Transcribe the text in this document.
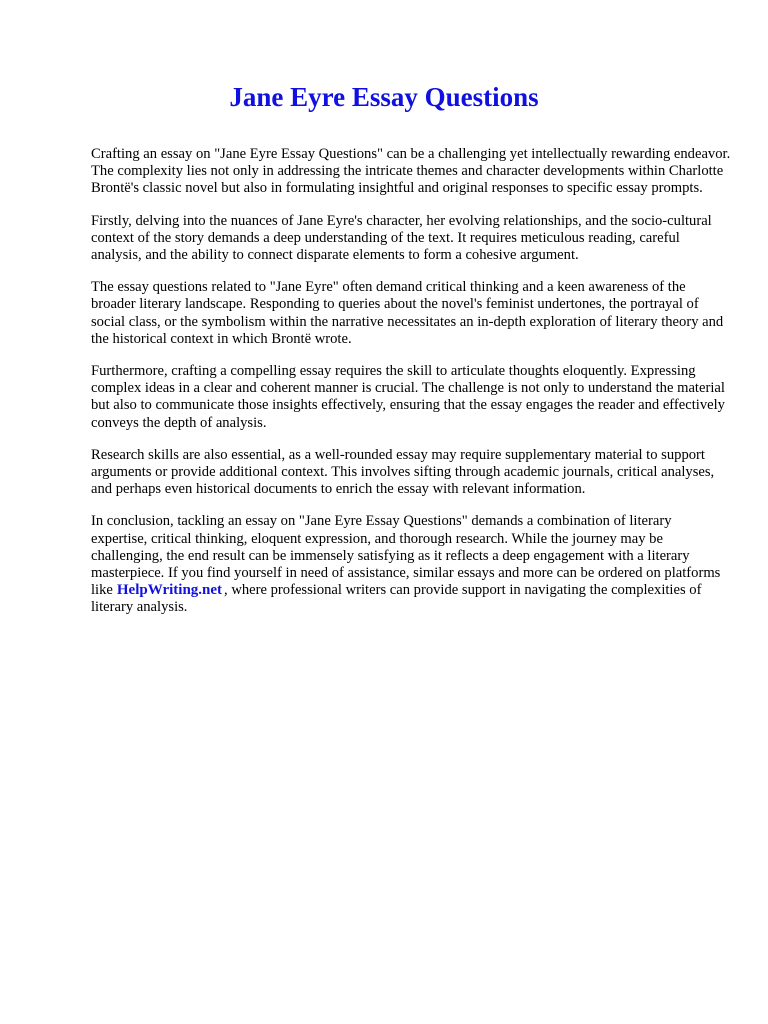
Jane Eyre Essay Questions

Crafting an essay on "Jane Eyre Essay Questions" can be a challenging yet intellectually rewarding endeavor. The complexity lies not only in addressing the intricate themes and character developments within Charlotte Brontë's classic novel but also in formulating insightful and original responses to specific essay prompts.

Firstly, delving into the nuances of Jane Eyre's character, her evolving relationships, and the socio-cultural context of the story demands a deep understanding of the text. It requires meticulous reading, careful analysis, and the ability to connect disparate elements to form a cohesive argument.

The essay questions related to "Jane Eyre" often demand critical thinking and a keen awareness of the broader literary landscape. Responding to queries about the novel's feminist undertones, the portrayal of social class, or the symbolism within the narrative necessitates an in-depth exploration of literary theory and the historical context in which Brontë wrote.

Furthermore, crafting a compelling essay requires the skill to articulate thoughts eloquently. Expressing complex ideas in a clear and coherent manner is crucial. The challenge is not only to understand the material but also to communicate those insights effectively, ensuring that the essay engages the reader and effectively conveys the depth of analysis.

Research skills are also essential, as a well-rounded essay may require supplementary material to support arguments or provide additional context. This involves sifting through academic journals, critical analyses, and perhaps even historical documents to enrich the essay with relevant information.

In conclusion, tackling an essay on "Jane Eyre Essay Questions" demands a combination of literary expertise, critical thinking, eloquent expression, and thorough research. While the journey may be challenging, the end result can be immensely satisfying as it reflects a deep engagement with a literary masterpiece. If you find yourself in need of assistance, similar essays and more can be ordered on platforms like HelpWriting.net , where professional writers can provide support in navigating the complexities of literary analysis.
